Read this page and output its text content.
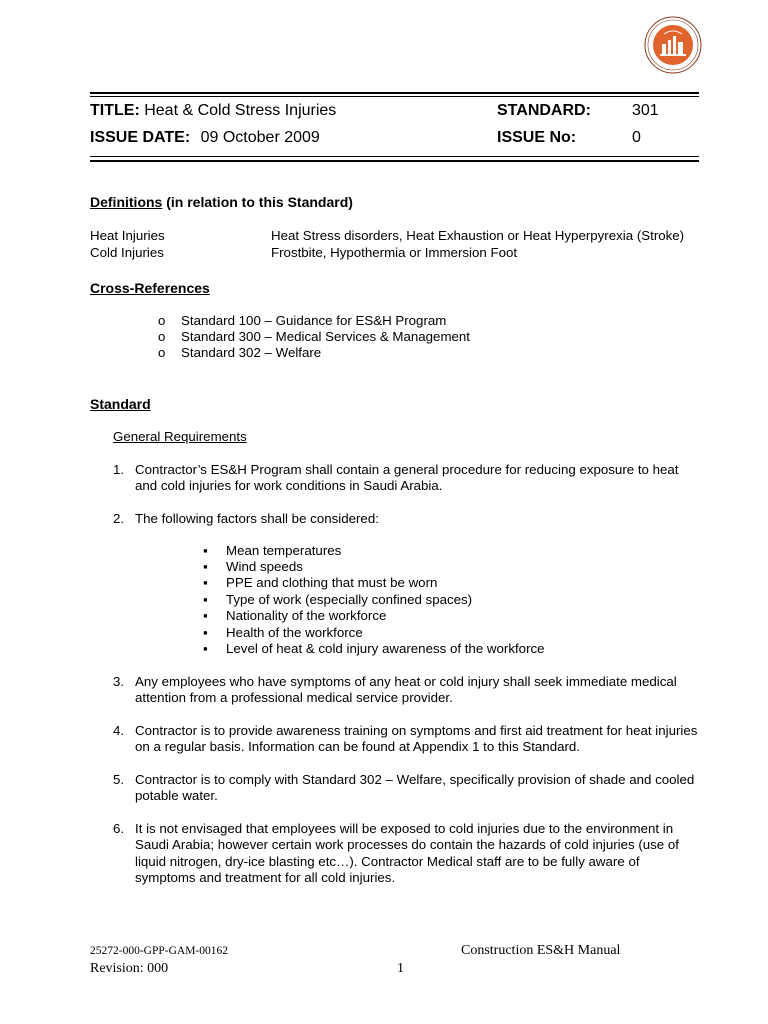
TITLE: Heat & Cold Stress Injuries	STANDARD:	301
ISSUE DATE: 09 October 2009	ISSUE No:	0
Definitions (in relation to this Standard)
Heat Injuries	Heat Stress disorders, Heat Exhaustion or Heat Hyperpyrexia (Stroke)
Cold Injuries	Frostbite, Hypothermia or Immersion Foot
Cross-References
o Standard 100 – Guidance for ES&H Program
o Standard 300 – Medical Services & Management
o Standard 302 – Welfare
Standard
General Requirements
1. Contractor’s ES&H Program shall contain a general procedure for reducing exposure to heat and cold injuries for work conditions in Saudi Arabia.
2. The following factors shall be considered:
▪ Mean temperatures
▪ Wind speeds
▪ PPE and clothing that must be worn
▪ Type of work (especially confined spaces)
▪ Nationality of the workforce
▪ Health of the workforce
▪ Level of heat & cold injury awareness of the workforce
3. Any employees who have symptoms of any heat or cold injury shall seek immediate medical attention from a professional medical service provider.
4. Contractor is to provide awareness training on symptoms and first aid treatment for heat injuries on a regular basis. Information can be found at Appendix 1 to this Standard.
5. Contractor is to comply with Standard 302 – Welfare, specifically provision of shade and cooled potable water.
6. It is not envisaged that employees will be exposed to cold injuries due to the environment in Saudi Arabia; however certain work processes do contain the hazards of cold injuries (use of liquid nitrogen, dry-ice blasting etc…). Contractor Medical staff are to be fully aware of symptoms and treatment for all cold injuries.
25272-000-GPP-GAM-00162
Revision: 000	1
Construction ES&H Manual
